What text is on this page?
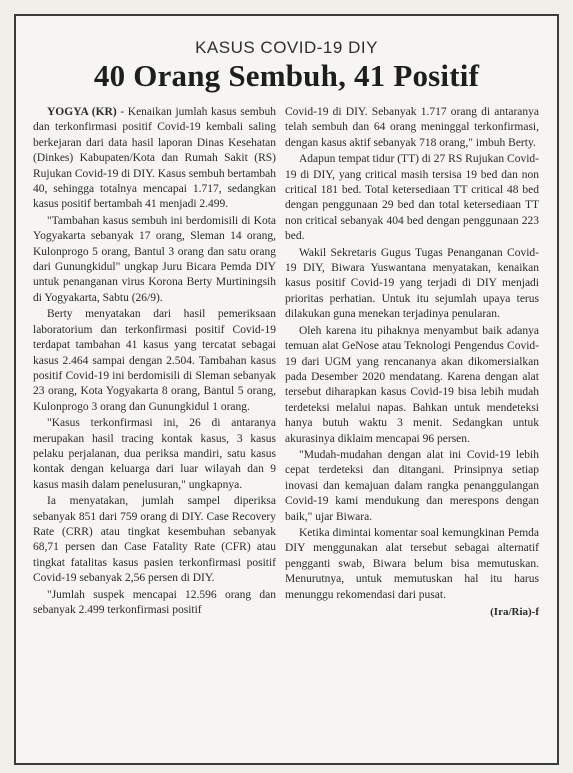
KASUS COVID-19 DIY
40 Orang Sembuh, 41 Positif

YOGYA (KR) - Kenaikan jumlah kasus sembuh dan terkonfirmasi positif Covid-19 kembali saling berkejaran dari data hasil laporan Dinas Kesehatan (Dinkes) Kabupaten/Kota dan Rumah Sakit (RS) Rujukan Covid-19 di DIY. Kasus sembuh bertambah 40, sehingga totalnya mencapai 1.717, sedangkan kasus positif bertambah 41 menjadi 2.499.

"Tambahan kasus sembuh ini berdomisili di Kota Yogyakarta sebanyak 17 orang, Sleman 14 orang, Kulonprogo 5 orang, Bantul 3 orang dan satu orang dari Gunungkidul" ungkap Juru Bicara Pemda DIY untuk penanganan virus Korona Berty Murtiningsih di Yogyakarta, Sabtu (26/9).

Berty menyatakan dari hasil pemeriksaan laboratorium dan terkonfirmasi positif Covid-19 terdapat tambahan 41 kasus yang tercatat sebagai kasus 2.464 sampai dengan 2.504. Tambahan kasus positif Covid-19 ini berdomisili di Sleman sebanyak 23 orang, Kota Yogyakarta 8 orang, Bantul 5 orang, Kulonprogo 3 orang dan Gunungkidul 1 orang.

"Kasus terkonfirmasi ini, 26 di antaranya merupakan hasil tracing kontak kasus, 3 kasus pelaku perjalanan, dua periksa mandiri, satu kasus kontak dengan keluarga dari luar wilayah dan 9 kasus masih dalam penelusuran," ungkapnya.

Ia menyatakan, jumlah sampel diperiksa sebanyak 851 dari 759 orang di DIY. Case Recovery Rate (CRR) atau tingkat kesembuhan sebanyak 68,71 persen dan Case Fatality Rate (CFR) atau tingkat fatalitas kasus pasien terkonfirmasi positif Covid-19 sebanyak 2,56 persen di DIY.

"Jumlah suspek mencapai 12.596 orang dan sebanyak 2.499 terkonfirmasi positif

Covid-19 di DIY. Sebanyak 1.717 orang di antaranya telah sembuh dan 64 orang meninggal terkonfirmasi, dengan kasus aktif sebanyak 718 orang," imbuh Berty.

Adapun tempat tidur (TT) di 27 RS Rujukan Covid-19 di DIY, yang critical masih tersisa 19 bed dan non critical 181 bed. Total ketersediaan TT critical 48 bed dengan penggunaan 29 bed dan total ketersediaan TT non critical sebanyak 404 bed dengan penggunaan 223 bed.

Wakil Sekretaris Gugus Tugas Penanganan Covid-19 DIY, Biwara Yuswantana menyatakan, kenaikan kasus positif Covid-19 yang terjadi di DIY menjadi prioritas perhatian. Untuk itu sejumlah upaya terus dilakukan guna menekan terjadinya penularan.

Oleh karena itu pihaknya menyambut baik adanya temuan alat GeNose atau Teknologi Pengendus Covid-19 dari UGM yang rencananya akan dikomersialkan pada Desember 2020 mendatang. Karena dengan alat tersebut diharapkan kasus Covid-19 bisa lebih mudah terdeteksi melalui napas. Bahkan untuk mendeteksi hanya butuh waktu 3 menit. Sedangkan untuk akurasinya diklaim mencapai 96 persen.

"Mudah-mudahan dengan alat ini Covid-19 lebih cepat terdeteksi dan ditangani. Prinsipnya setiap inovasi dan kemajuan dalam rangka penanggulangan Covid-19 kami mendukung dan merespons dengan baik," ujar Biwara.

Ketika dimintai komentar soal kemungkinan Pemda DIY menggunakan alat tersebut sebagai alternatif pengganti swab, Biwara belum bisa memutuskan. Menurutnya, untuk memutuskan hal itu harus menunggu rekomendasi dari pusat.

(Ira/Ria)-f
